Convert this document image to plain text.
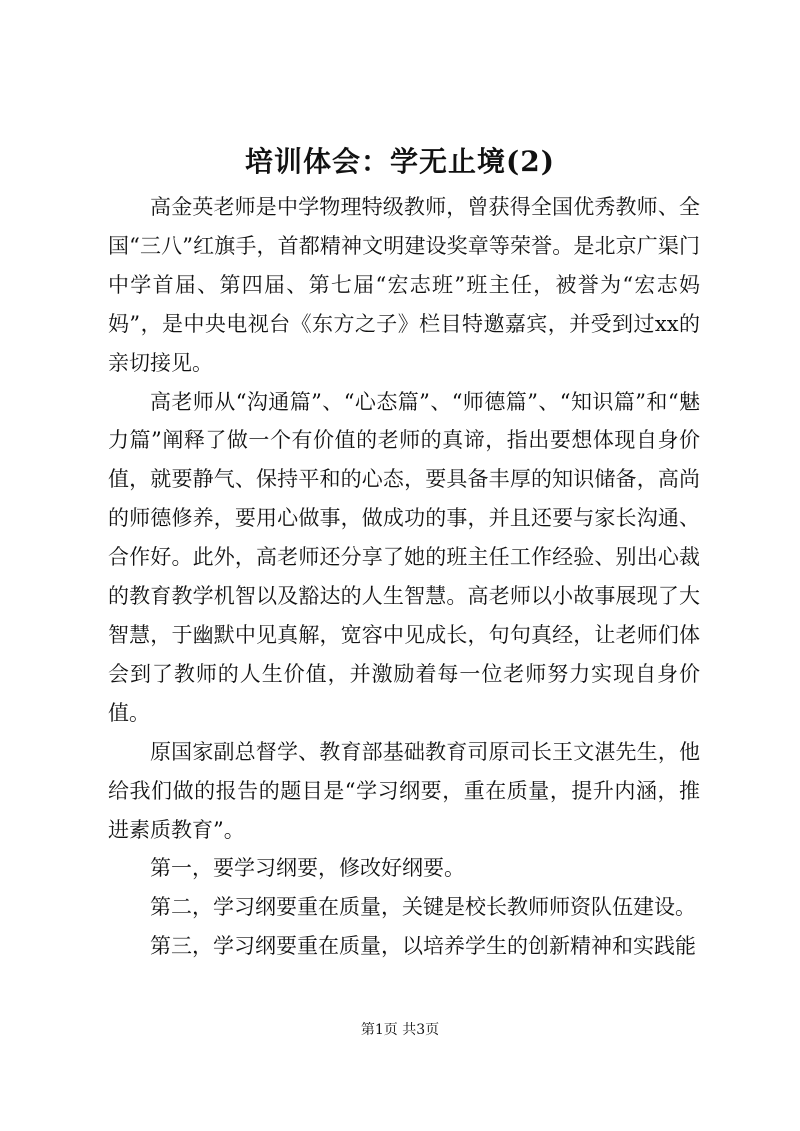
培训体会：学无止境(2)

高金英老师是中学物理特级教师，曾获得全国优秀教师、全国“三八”红旗手，首都精神文明建设奖章等荣誉。是北京广渠门中学首届、第四届、第七届“宏志班”班主任，被誉为“宏志妈妈”，是中央电视台《东方之子》栏目特邀嘉宾，并受到过xx的亲切接见。

高老师从“沟通篇”、“心态篇”、“师德篇”、“知识篇”和“魅力篇”阐释了做一个有价值的老师的真谛，指出要想体现自身价值，就要静气、保持平和的心态，要具备丰厚的知识储备，高尚的师德修养，要用心做事，做成功的事，并且还要与家长沟通、合作好。此外，高老师还分享了她的班主任工作经验、别出心裁的教育教学机智以及豁达的人生智慧。高老师以小故事展现了大智慧，于幽默中见真解，宽容中见成长，句句真经，让老师们体会到了教师的人生价值，并激励着每一位老师努力实现自身价值。

原国家副总督学、教育部基础教育司原司长王文湛先生，他给我们做的报告的题目是“学习纲要，重在质量，提升内涵，推进素质教育”。

第一，要学习纲要，修改好纲要。

第二，学习纲要重在质量，关键是校长教师师资队伍建设。

第三，学习纲要重在质量，以培养学生的创新精神和实践能

第1页 共3页
